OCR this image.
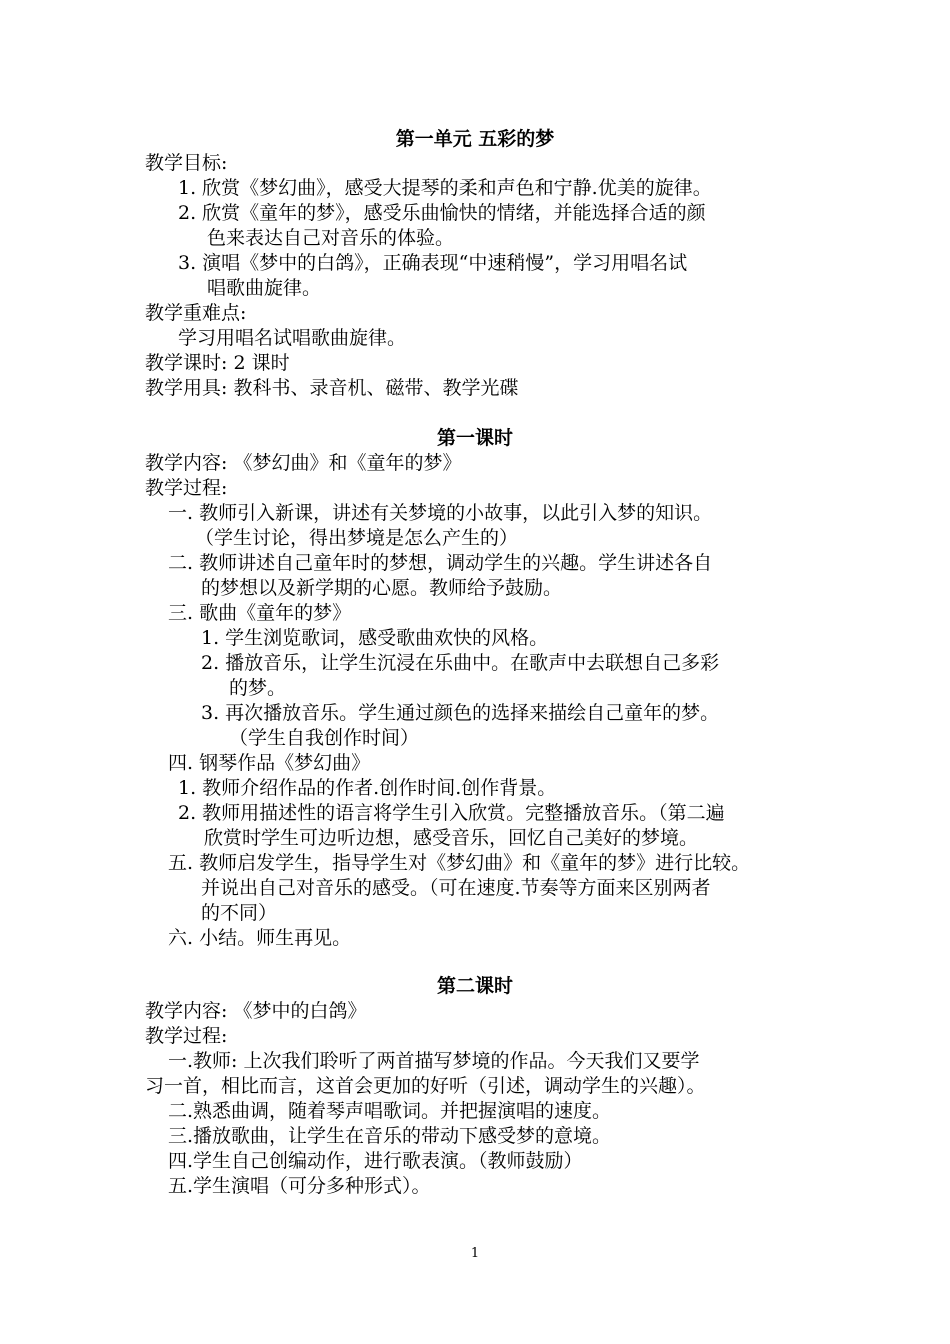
第一单元 五彩的梦
教学目标:
1. 欣赏《梦幻曲》，感受大提琴的柔和声色和宁静.优美的旋律。
2. 欣赏《童年的梦》，感受乐曲愉快的情绪，并能选择合适的颜
色来表达自己对音乐的体验。
3. 演唱《梦中的白鸽》，正确表现“中速稍慢”，学习用唱名试
唱歌曲旋律。
教学重难点:
学习用唱名试唱歌曲旋律。
教学课时: 2 课时
教学用具: 教科书、录音机、磁带、教学光碟
第一课时
教学内容: 《梦幻曲》和《童年的梦》
教学过程:
一. 教师引入新课，讲述有关梦境的小故事，以此引入梦的知识。
（学生讨论，得出梦境是怎么产生的）
二. 教师讲述自己童年时的梦想，调动学生的兴趣。学生讲述各自
的梦想以及新学期的心愿。教师给予鼓励。
三. 歌曲《童年的梦》
1. 学生浏览歌词，感受歌曲欢快的风格。
2. 播放音乐，让学生沉浸在乐曲中。在歌声中去联想自己多彩
的梦。
3. 再次播放音乐。学生通过颜色的选择来描绘自己童年的梦。
（学生自我创作时间）
四. 钢琴作品《梦幻曲》
1. 教师介绍作品的作者.创作时间.创作背景。
2. 教师用描述性的语言将学生引入欣赏。完整播放音乐。（第二遍
欣赏时学生可边听边想，感受音乐，回忆自己美好的梦境。
五. 教师启发学生，指导学生对《梦幻曲》和《童年的梦》进行比较。
并说出自己对音乐的感受。（可在速度.节奏等方面来区别两者
的不同）
六. 小结。师生再见。
第二课时
教学内容: 《梦中的白鸽》
教学过程:
一.教师: 上次我们聆听了两首描写梦境的作品。今天我们又要学
习一首，相比而言，这首会更加的好听（引述，调动学生的兴趣）。
二.熟悉曲调，随着琴声唱歌词。并把握演唱的速度。
三.播放歌曲，让学生在音乐的带动下感受梦的意境。
四.学生自己创编动作，进行歌表演。（教师鼓励）
五.学生演唱（可分多种形式）。
1
